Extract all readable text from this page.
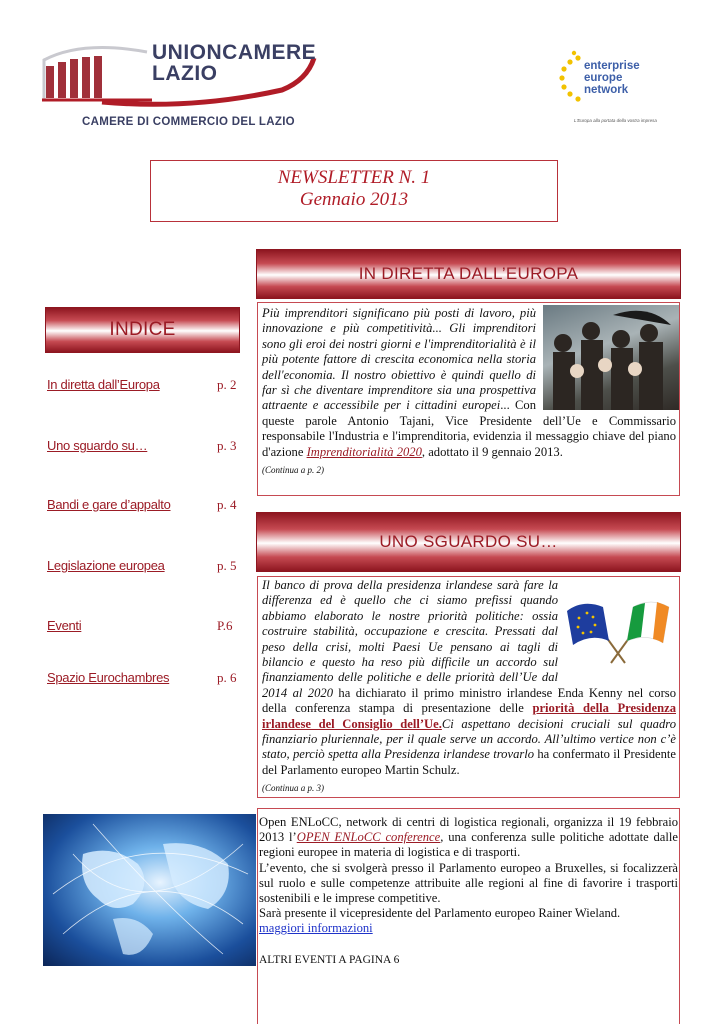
UNIONCAMERE
LAZIO
CAMERE DI COMMERCIO DEL LAZIO
enterprise
europe
network
L'Europa alla portata della vostra impresa
NEWSLETTER N. 1
Gennaio 2013
IN DIRETTA DALL’EUROPA
INDICE
UNO SGUARDO SU…
In diretta dall’Europa	p. 2
Uno sguardo su…	p. 3
Bandi e gare d’appalto	p. 4
Legislazione europea	p. 5
Eventi	P.6
Spazio Eurochambres	p. 6
Più imprenditori significano più posti di lavoro, più innovazione e più competitività... Gli imprenditori sono gli eroi dei nostri giorni e l'imprenditorialità è il più potente fattore di crescita economica nella storia dell'economia. Il nostro obiettivo è quindi quello di far sì che diventare imprenditore sia una prospettiva attraente e accessibile per i cittadini europei... Con queste parole Antonio Tajani, Vice Presidente dell’Ue e Commissario responsabile l'Industria e l'imprenditoria, evidenzia il messaggio chiave del piano d'azione Imprenditorialità 2020, adottato il 9 gennaio 2013.
(Continua a p. 2)
Il banco di prova della presidenza irlandese sarà fare la differenza ed è quello che ci siamo prefissi quando abbiamo elaborato le nostre priorità politiche: ossia costruire stabilità, occupazione e crescita. Pressati dal peso della crisi, molti Paesi Ue pensano ai tagli di bilancio e questo ha reso più difficile un accordo sul finanziamento delle politiche e delle priorità dell’Ue dal 2014 al 2020 ha dichiarato il primo ministro irlandese Enda Kenny nel corso della conferenza stampa di presentazione delle priorità della Presidenza irlandese del Consiglio dell’Ue.Ci aspettano decisioni cruciali sul quadro finanziario pluriennale, per il quale serve un accordo. All’ultimo vertice non c’è stato, perciò spetta alla Presidenza irlandese trovarlo ha confermato il Presidente del Parlamento europeo Martin Schulz.
(Continua a p. 3)
Open ENLoCC, network di centri di logistica regionali, organizza il 19 febbraio 2013 l’OPEN ENLoCC conference, una conferenza sulle politiche adottate dalle regioni europee in materia di logistica e di trasporti.
L’evento, che si svolgerà presso il Parlamento europeo a Bruxelles, si focalizzerà sul ruolo e sulle competenze attribuite alle regioni al fine di favorire i trasporti sostenibili e le imprese competitive.
Sarà presente il vicepresidente del Parlamento europeo Rainer Wieland.
maggiori informazioni
ALTRI EVENTI A PAGINA 6
